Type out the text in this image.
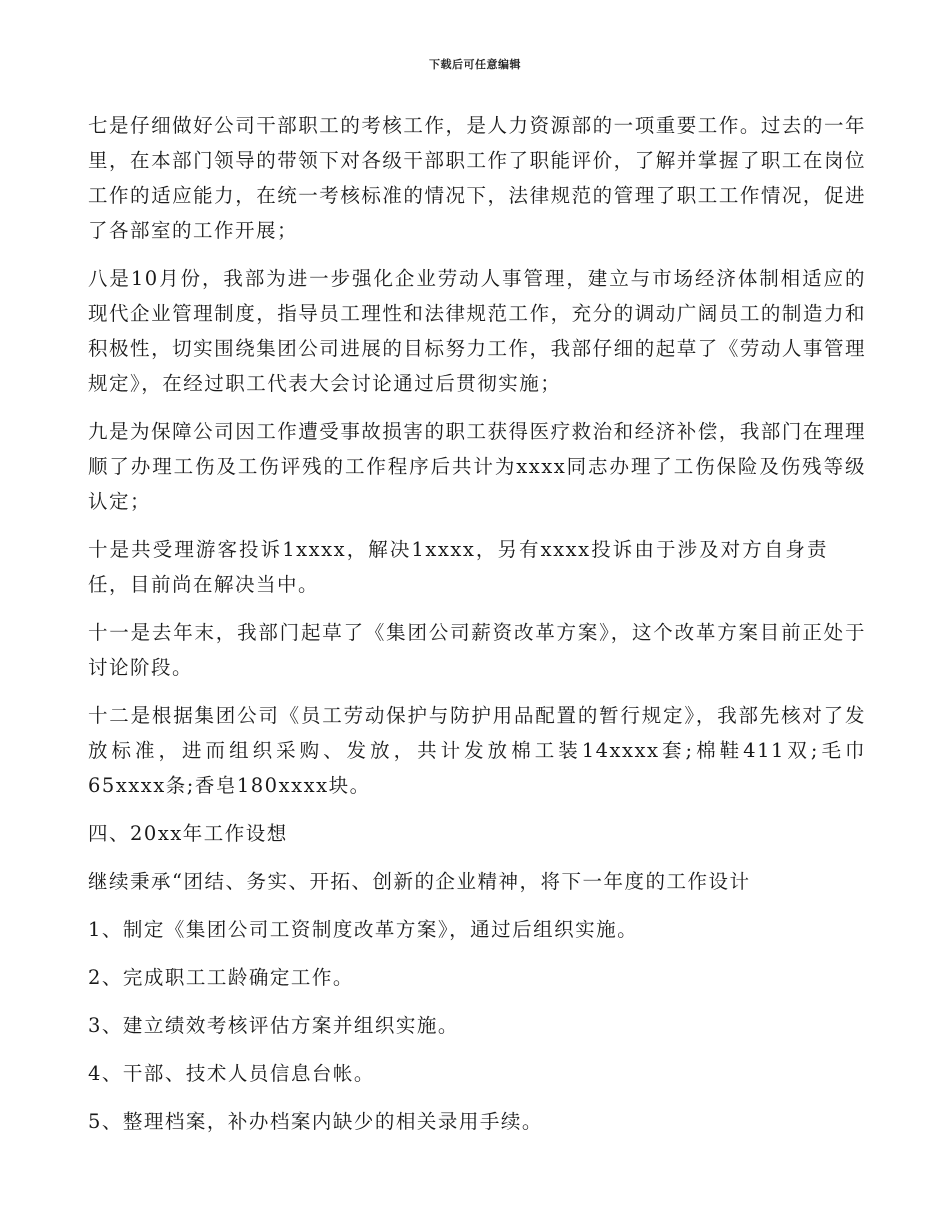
下载后可任意编辑

七是仔细做好公司干部职工的考核工作，是人力资源部的一项重要工作。过去的一年里，在本部门领导的带领下对各级干部职工作了职能评价，了解并掌握了职工在岗位工作的适应能力，在统一考核标准的情况下，法律规范的管理了职工工作情况，促进了各部室的工作开展；

八是10月份，我部为进一步强化企业劳动人事管理，建立与市场经济体制相适应的现代企业管理制度，指导员工理性和法律规范工作，充分的调动广阔员工的制造力和积极性，切实围绕集团公司进展的目标努力工作，我部仔细的起草了《劳动人事管理规定》，在经过职工代表大会讨论通过后贯彻实施；

九是为保障公司因工作遭受事故损害的职工获得医疗救治和经济补偿，我部门在理理顺了办理工伤及工伤评残的工作程序后共计为xxxx同志办理了工伤保险及伤残等级认定；

十是共受理游客投诉1xxxx，解决1xxxx，另有xxxx投诉由于涉及对方自身责任，目前尚在解决当中。

十一是去年末，我部门起草了《集团公司薪资改革方案》，这个改革方案目前正处于讨论阶段。

十二是根据集团公司《员工劳动保护与防护用品配置的暂行规定》，我部先核对了发放标准，进而组织采购、发放，共计发放棉工装14xxxx套;棉鞋411双;毛巾65xxxx条;香皂180xxxx块。

四、20xx年工作设想

继续秉承“团结、务实、开拓、创新的企业精神，将下一年度的工作设计

1、制定《集团公司工资制度改革方案》，通过后组织实施。

2、完成职工工龄确定工作。

3、建立绩效考核评估方案并组织实施。

4、干部、技术人员信息台帐。

5、整理档案，补办档案内缺少的相关录用手续。
